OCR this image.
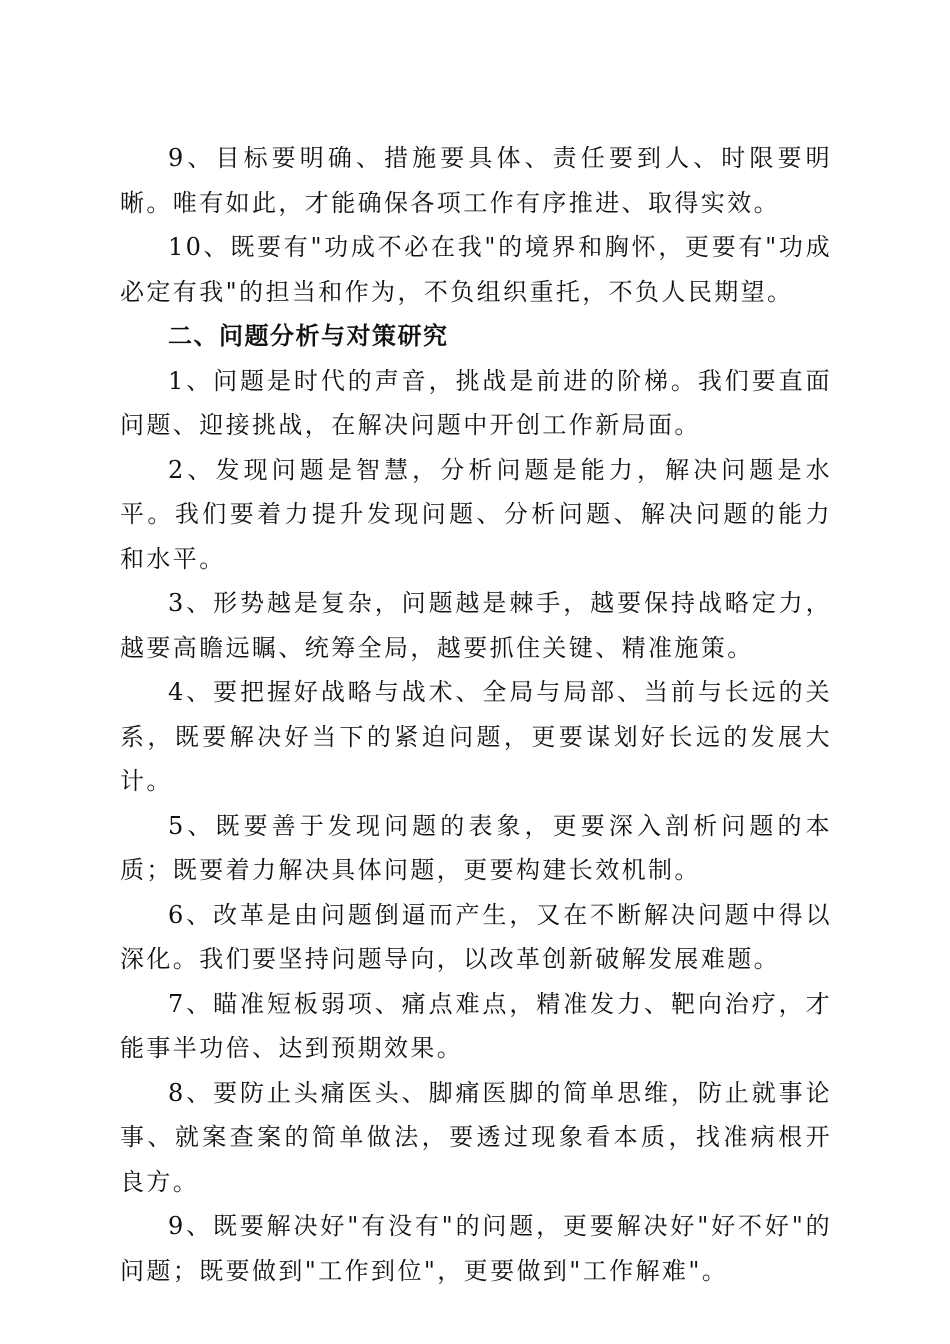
9、目标要明确、措施要具体、责任要到人、时限要明晰。唯有如此，才能确保各项工作有序推进、取得实效。

10、既要有"功成不必在我"的境界和胸怀，更要有"功成必定有我"的担当和作为，不负组织重托，不负人民期望。

二、问题分析与对策研究

1、问题是时代的声音，挑战是前进的阶梯。我们要直面问题、迎接挑战，在解决问题中开创工作新局面。

2、发现问题是智慧，分析问题是能力，解决问题是水平。我们要着力提升发现问题、分析问题、解决问题的能力和水平。

3、形势越是复杂，问题越是棘手，越要保持战略定力，越要高瞻远瞩、统筹全局，越要抓住关键、精准施策。

4、要把握好战略与战术、全局与局部、当前与长远的关系，既要解决好当下的紧迫问题，更要谋划好长远的发展大计。

5、既要善于发现问题的表象，更要深入剖析问题的本质；既要着力解决具体问题，更要构建长效机制。

6、改革是由问题倒逼而产生，又在不断解决问题中得以深化。我们要坚持问题导向，以改革创新破解发展难题。

7、瞄准短板弱项、痛点难点，精准发力、靶向治疗，才能事半功倍、达到预期效果。

8、要防止头痛医头、脚痛医脚的简单思维，防止就事论事、就案查案的简单做法，要透过现象看本质，找准病根开良方。

9、既要解决好"有没有"的问题，更要解决好"好不好"的问题；既要做到"工作到位"，更要做到"工作解难"。
